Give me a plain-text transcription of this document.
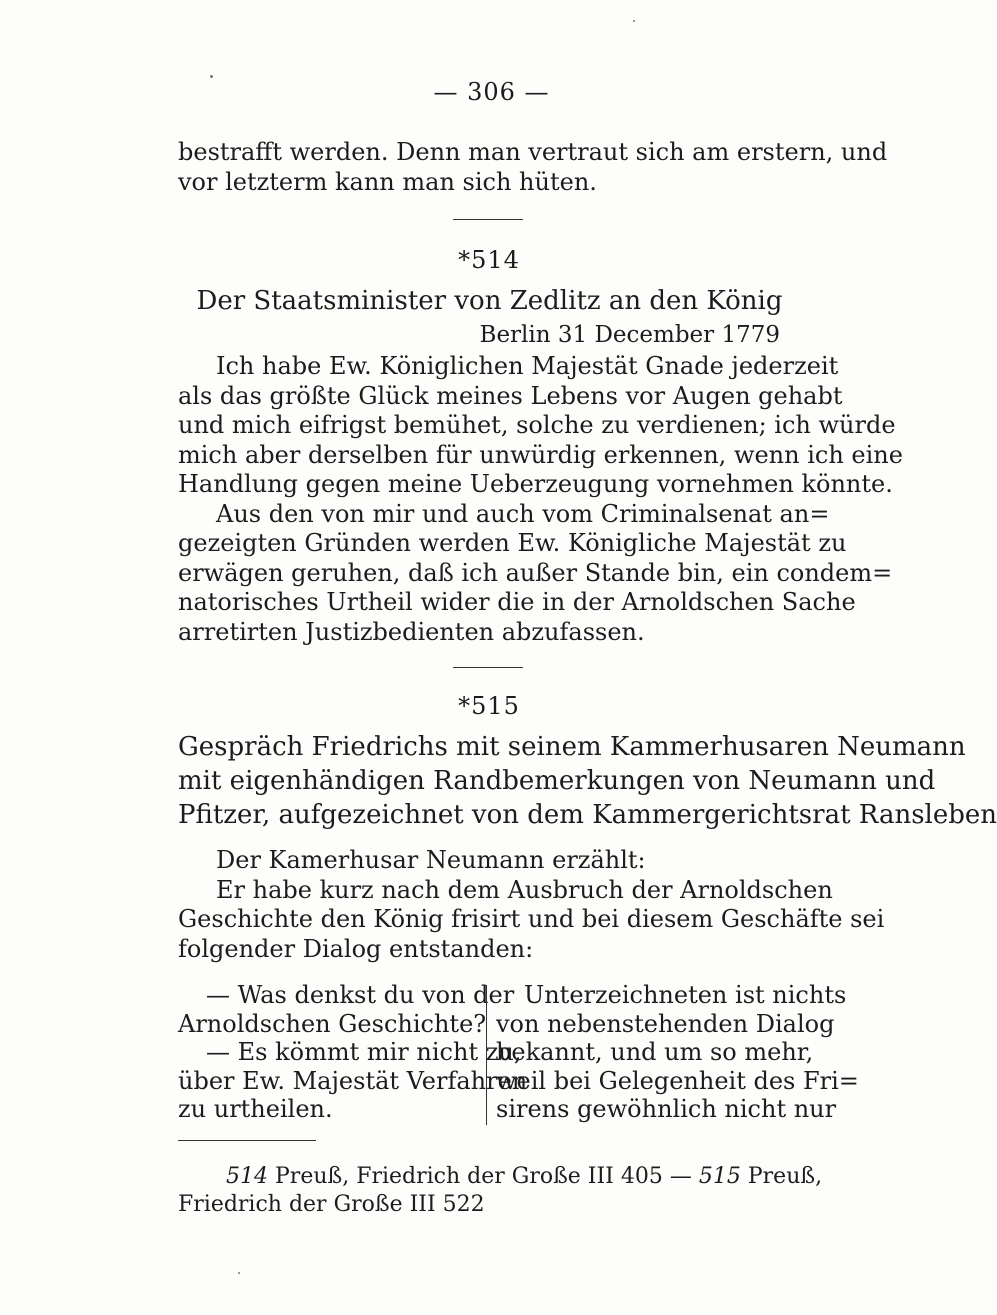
— 306 —
bestrafft werden. Denn man vertraut sich am erstern, und
vor letzterm kann man sich hüten.
*514
Der Staatsminister von Zedlitz an den König
Berlin 31 December 1779
Ich habe Ew. Königlichen Majestät Gnade jederzeit
als das größte Glück meines Lebens vor Augen gehabt
und mich eifrigst bemühet, solche zu verdienen; ich würde
mich aber derselben für unwürdig erkennen, wenn ich eine
Handlung gegen meine Ueberzeugung vornehmen könnte.
Aus den von mir und auch vom Criminalsenat an=
gezeigten Gründen werden Ew. Königliche Majestät zu
erwägen geruhen, daß ich außer Stande bin, ein condem=
natorisches Urtheil wider die in der Arnoldschen Sache
arretirten Justizbedienten abzufassen.
*515
Gespräch Friedrichs mit seinem Kammerhusaren Neumann
mit eigenhändigen Randbemerkungen von Neumann und
Pfitzer, aufgezeichnet von dem Kammergerichtsrat Ransleben
Der Kamerhusar Neumann erzählt:
Er habe kurz nach dem Ausbruch der Arnoldschen
Geschichte den König frisirt und bei diesem Geschäfte sei
folgender Dialog entstanden:
— Was denkst du von der
Arnoldschen Geschichte?
— Es kömmt mir nicht zu,
über Ew. Majestät Verfahren
zu urtheilen.
Unterzeichneten ist nichts
von nebenstehenden Dialog
bekannt, und um so mehr,
weil bei Gelegenheit des Fri=
sirens gewöhnlich nicht nur
514 Preuß, Friedrich der Große III 405 — 515 Preuß,
Friedrich der Große III 522
